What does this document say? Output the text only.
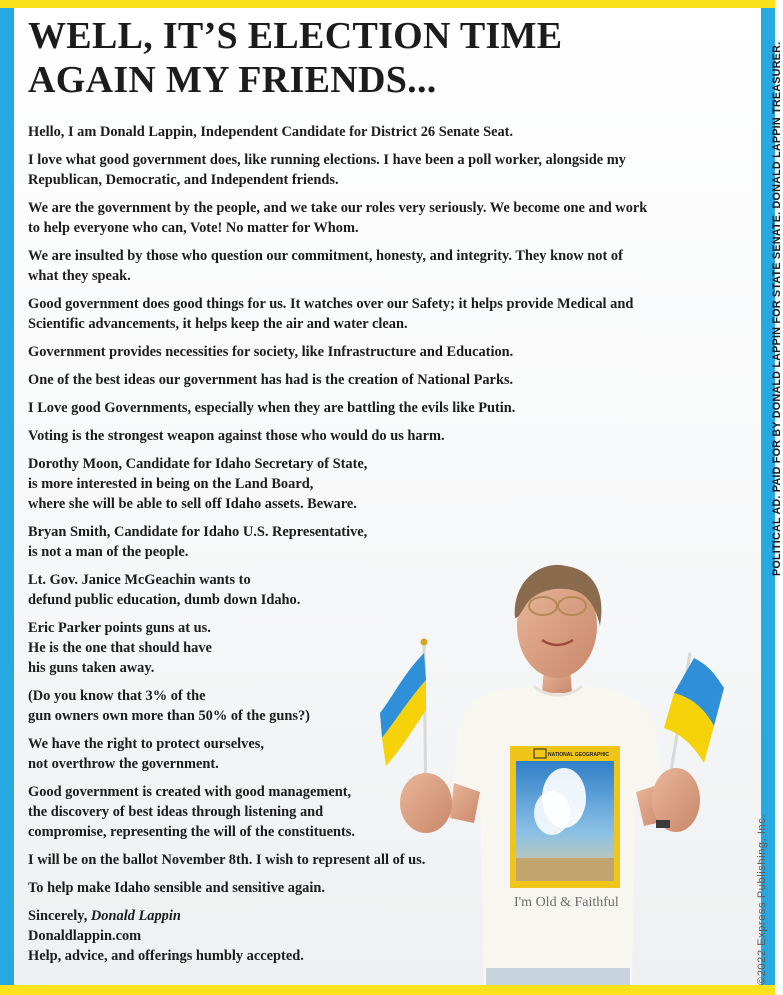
WELL, IT’S ELECTION TIME
AGAIN MY FRIENDS...
Hello, I am Donald Lappin, Independent Candidate for District 26 Senate Seat.
I love what good government does, like running elections. I have been a poll worker, alongside my
Republican, Democratic, and Independent friends.
We are the government by the people, and we take our roles very seriously. We become one and work
to help everyone who can, Vote! No matter for Whom.
We are insulted by those who question our commitment, honesty, and integrity. They know not of
what they speak.
Good government does good things for us. It watches over our Safety; it helps provide Medical and
Scientific advancements, it helps keep the air and water clean.
Government provides necessities for society, like Infrastructure and Education.
One of the best ideas our government has had is the creation of National Parks.
I Love good Governments, especially when they are battling the evils like Putin.
Voting is the strongest weapon against those who would do us harm.
Dorothy Moon, Candidate for Idaho Secretary of State,
is more interested in being on the Land Board,
where she will be able to sell off Idaho assets. Beware.
Bryan Smith, Candidate for Idaho U.S. Representative,
is not a man of the people.
Lt. Gov. Janice McGeachin wants to
defund public education, dumb down Idaho.
Eric Parker points guns at us.
He is the one that should have
his guns taken away.
(Do you know that 3% of the
gun owners own more than 50% of the guns?)
We have the right to protect ourselves,
not overthrow the government.
Good government is created with good management,
the discovery of best ideas through listening and
compromise, representing the will of the constituents.
I will be on the ballot November 8th. I wish to represent all of us.
To help make Idaho sensible and sensitive again.
Sincerely, Donald Lappin
Donaldlappin.com
Help, advice, and offerings humbly accepted.
NATIONAL GEOGRAPHIC
I'm Old & Faithful
POLITICAL AD. PAID FOR BY DONALD LAPPIN FOR STATE SENATE. DONALD LAPPIN TREASURER.
©2022 Express Publishing, Inc.
